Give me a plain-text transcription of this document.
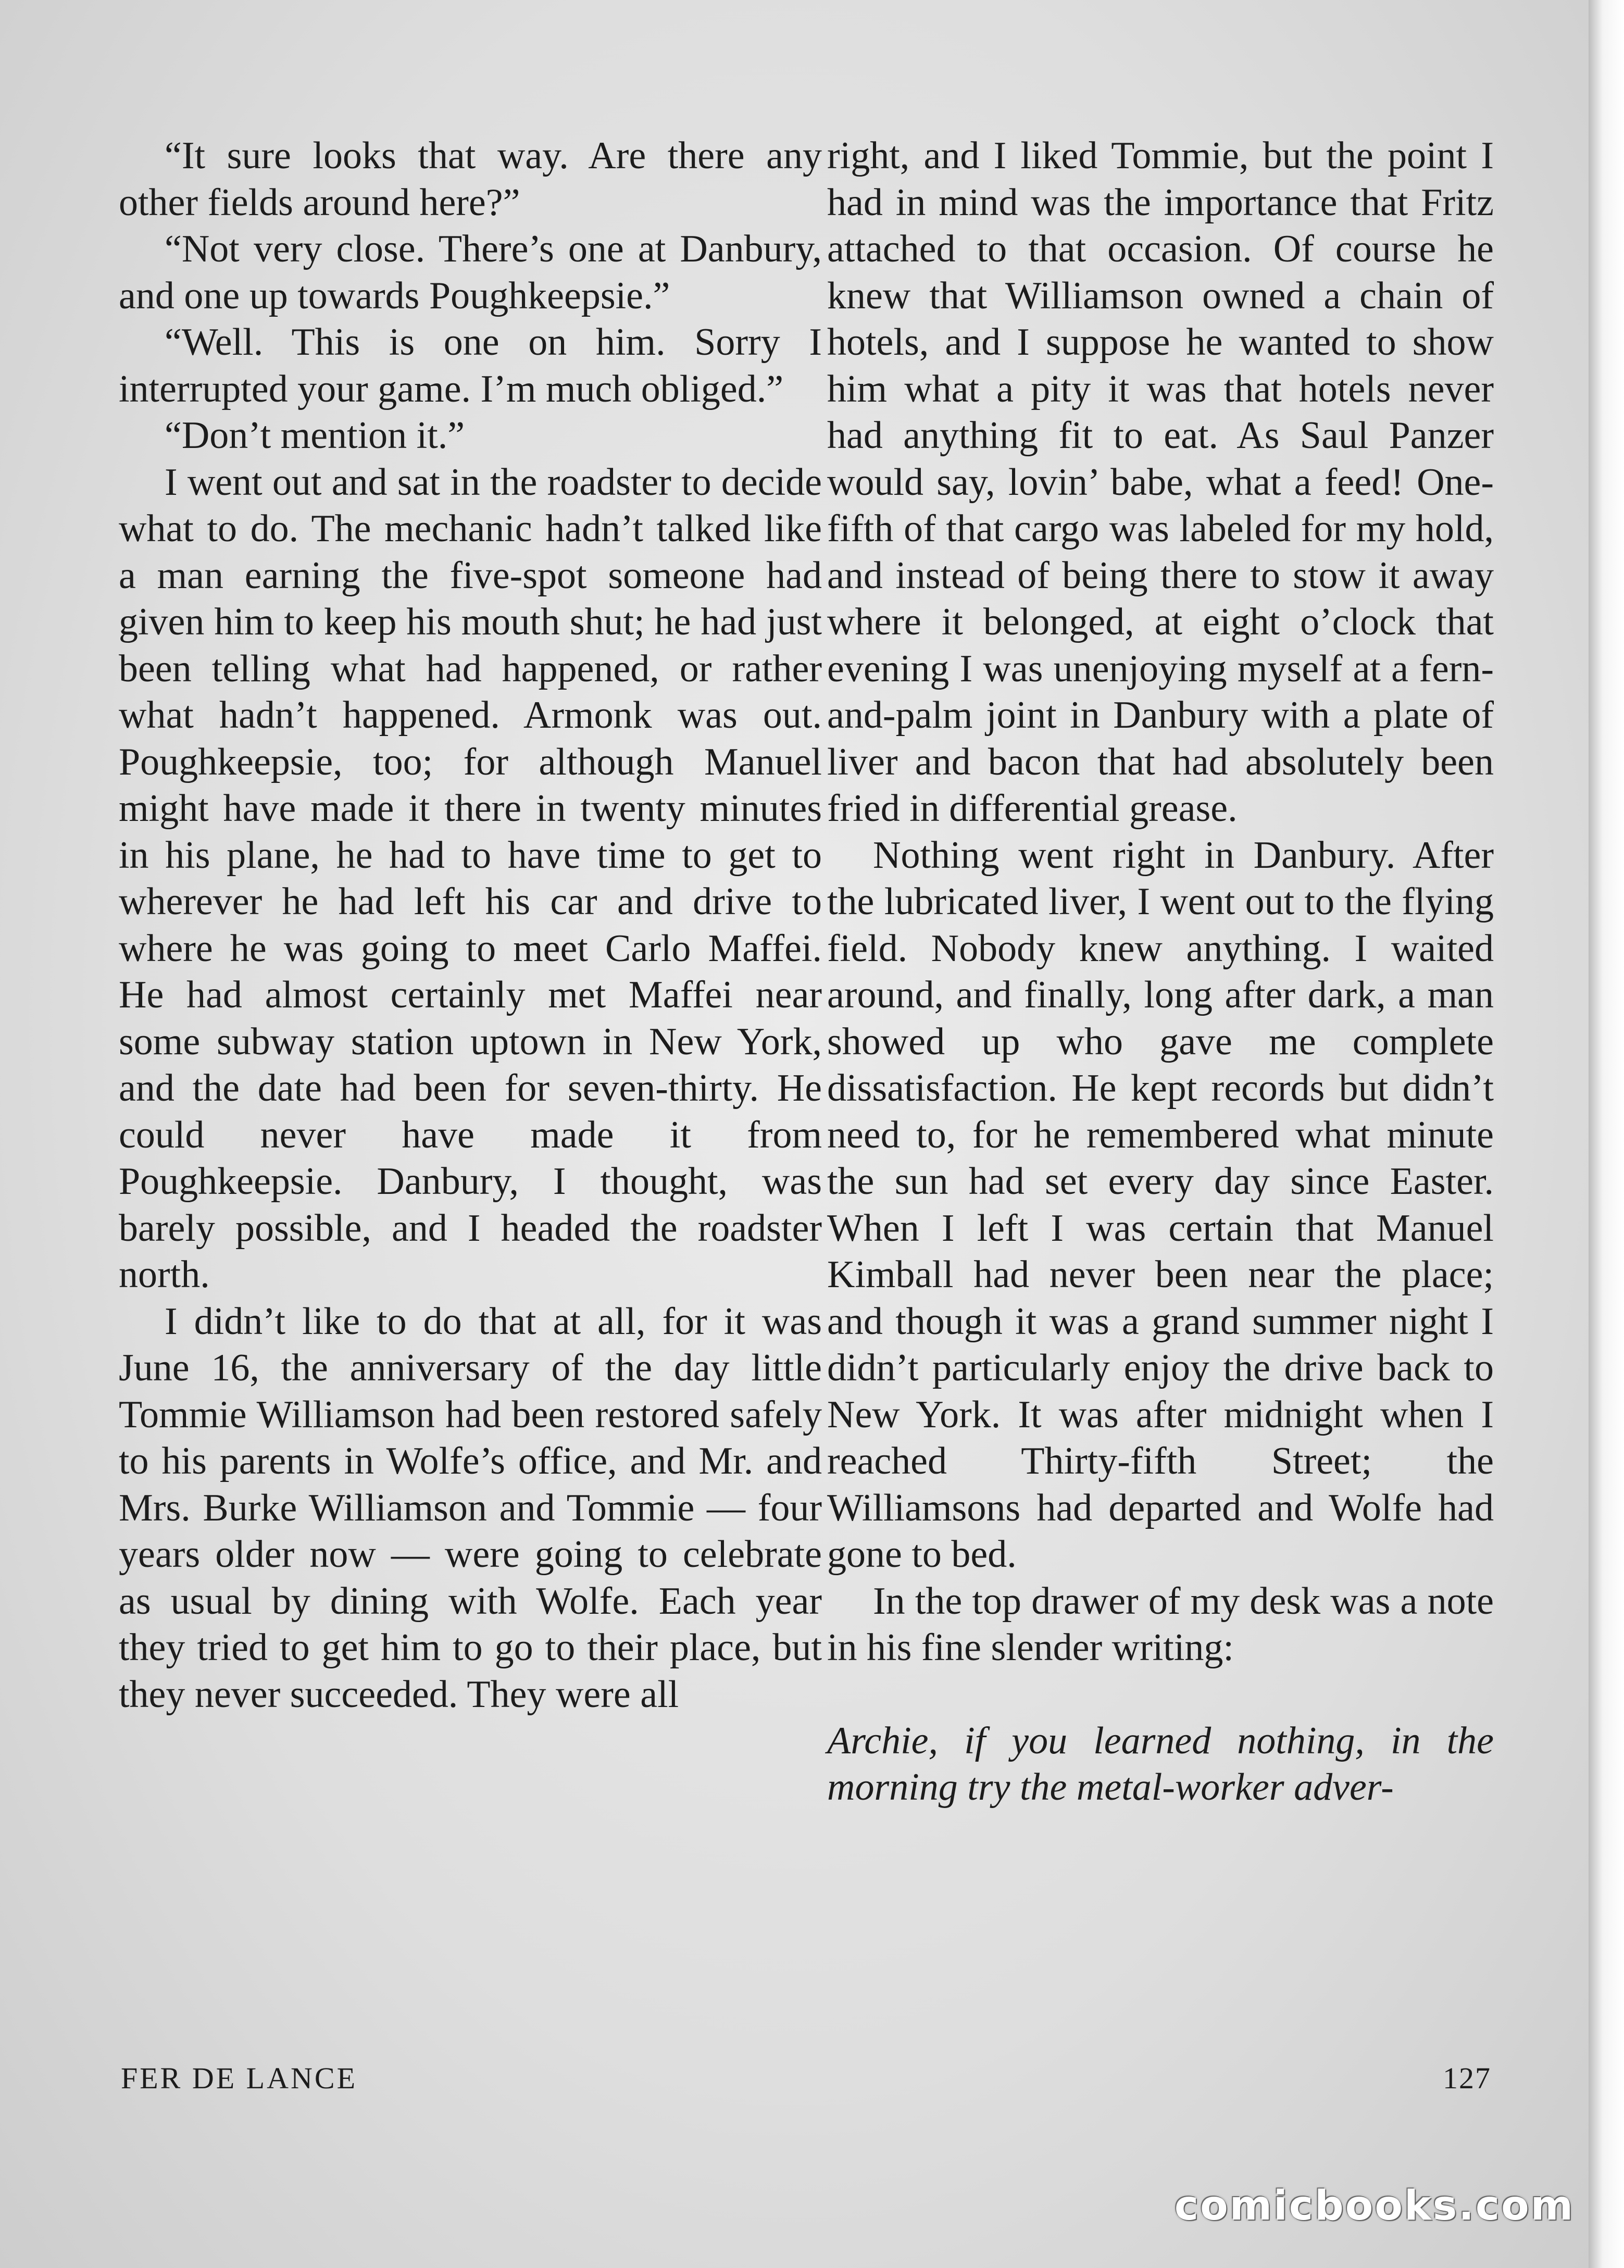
“It sure looks that way. Are there any other fields around here?”

“Not very close. There’s one at Danbury, and one up towards Poughkeepsie.”

“Well. This is one on him. Sorry I interrupted your game. I’m much obliged.”

“Don’t mention it.”

I went out and sat in the roadster to decide what to do. The mechanic hadn’t talked like a man earning the five-spot someone had given him to keep his mouth shut; he had just been telling what had happened, or rather what hadn’t happened. Armonk was out. Poughkeepsie, too; for although Manuel might have made it there in twenty minutes in his plane, he had to have time to get to wherever he had left his car and drive to where he was going to meet Carlo Maffei. He had almost certainly met Maffei near some subway station uptown in New York, and the date had been for seven-thirty. He could never have made it from Poughkeepsie. Danbury, I thought, was barely possible, and I headed the roadster north.

I didn’t like to do that at all, for it was June 16, the anniversary of the day little Tommie Williamson had been restored safely to his parents in Wolfe’s office, and Mr. and Mrs. Burke Williamson and Tommie — four years older now — were going to celebrate as usual by dining with Wolfe. Each year they tried to get him to go to their place, but they never succeeded. They were all

right, and I liked Tommie, but the point I had in mind was the importance that Fritz attached to that occasion. Of course he knew that Williamson owned a chain of hotels, and I suppose he wanted to show him what a pity it was that hotels never had anything fit to eat. As Saul Panzer would say, lovin’ babe, what a feed! One-fifth of that cargo was labeled for my hold, and instead of being there to stow it away where it belonged, at eight o’clock that evening I was unenjoying myself at a fern-and-palm joint in Danbury with a plate of liver and bacon that had absolutely been fried in differential grease.

Nothing went right in Danbury. After the lubricated liver, I went out to the flying field. Nobody knew anything. I waited around, and finally, long after dark, a man showed up who gave me complete dissatisfaction. He kept records but didn’t need to, for he remembered what minute the sun had set every day since Easter. When I left I was certain that Manuel Kimball had never been near the place; and though it was a grand summer night I didn’t particularly enjoy the drive back to New York. It was after midnight when I reached Thirty-fifth Street; the Williamsons had departed and Wolfe had gone to bed.

In the top drawer of my desk was a note in his fine slender writing:

Archie, if you learned nothing, in the morning try the metal-worker adver-

FER DE LANCE	127
comicbooks.com
